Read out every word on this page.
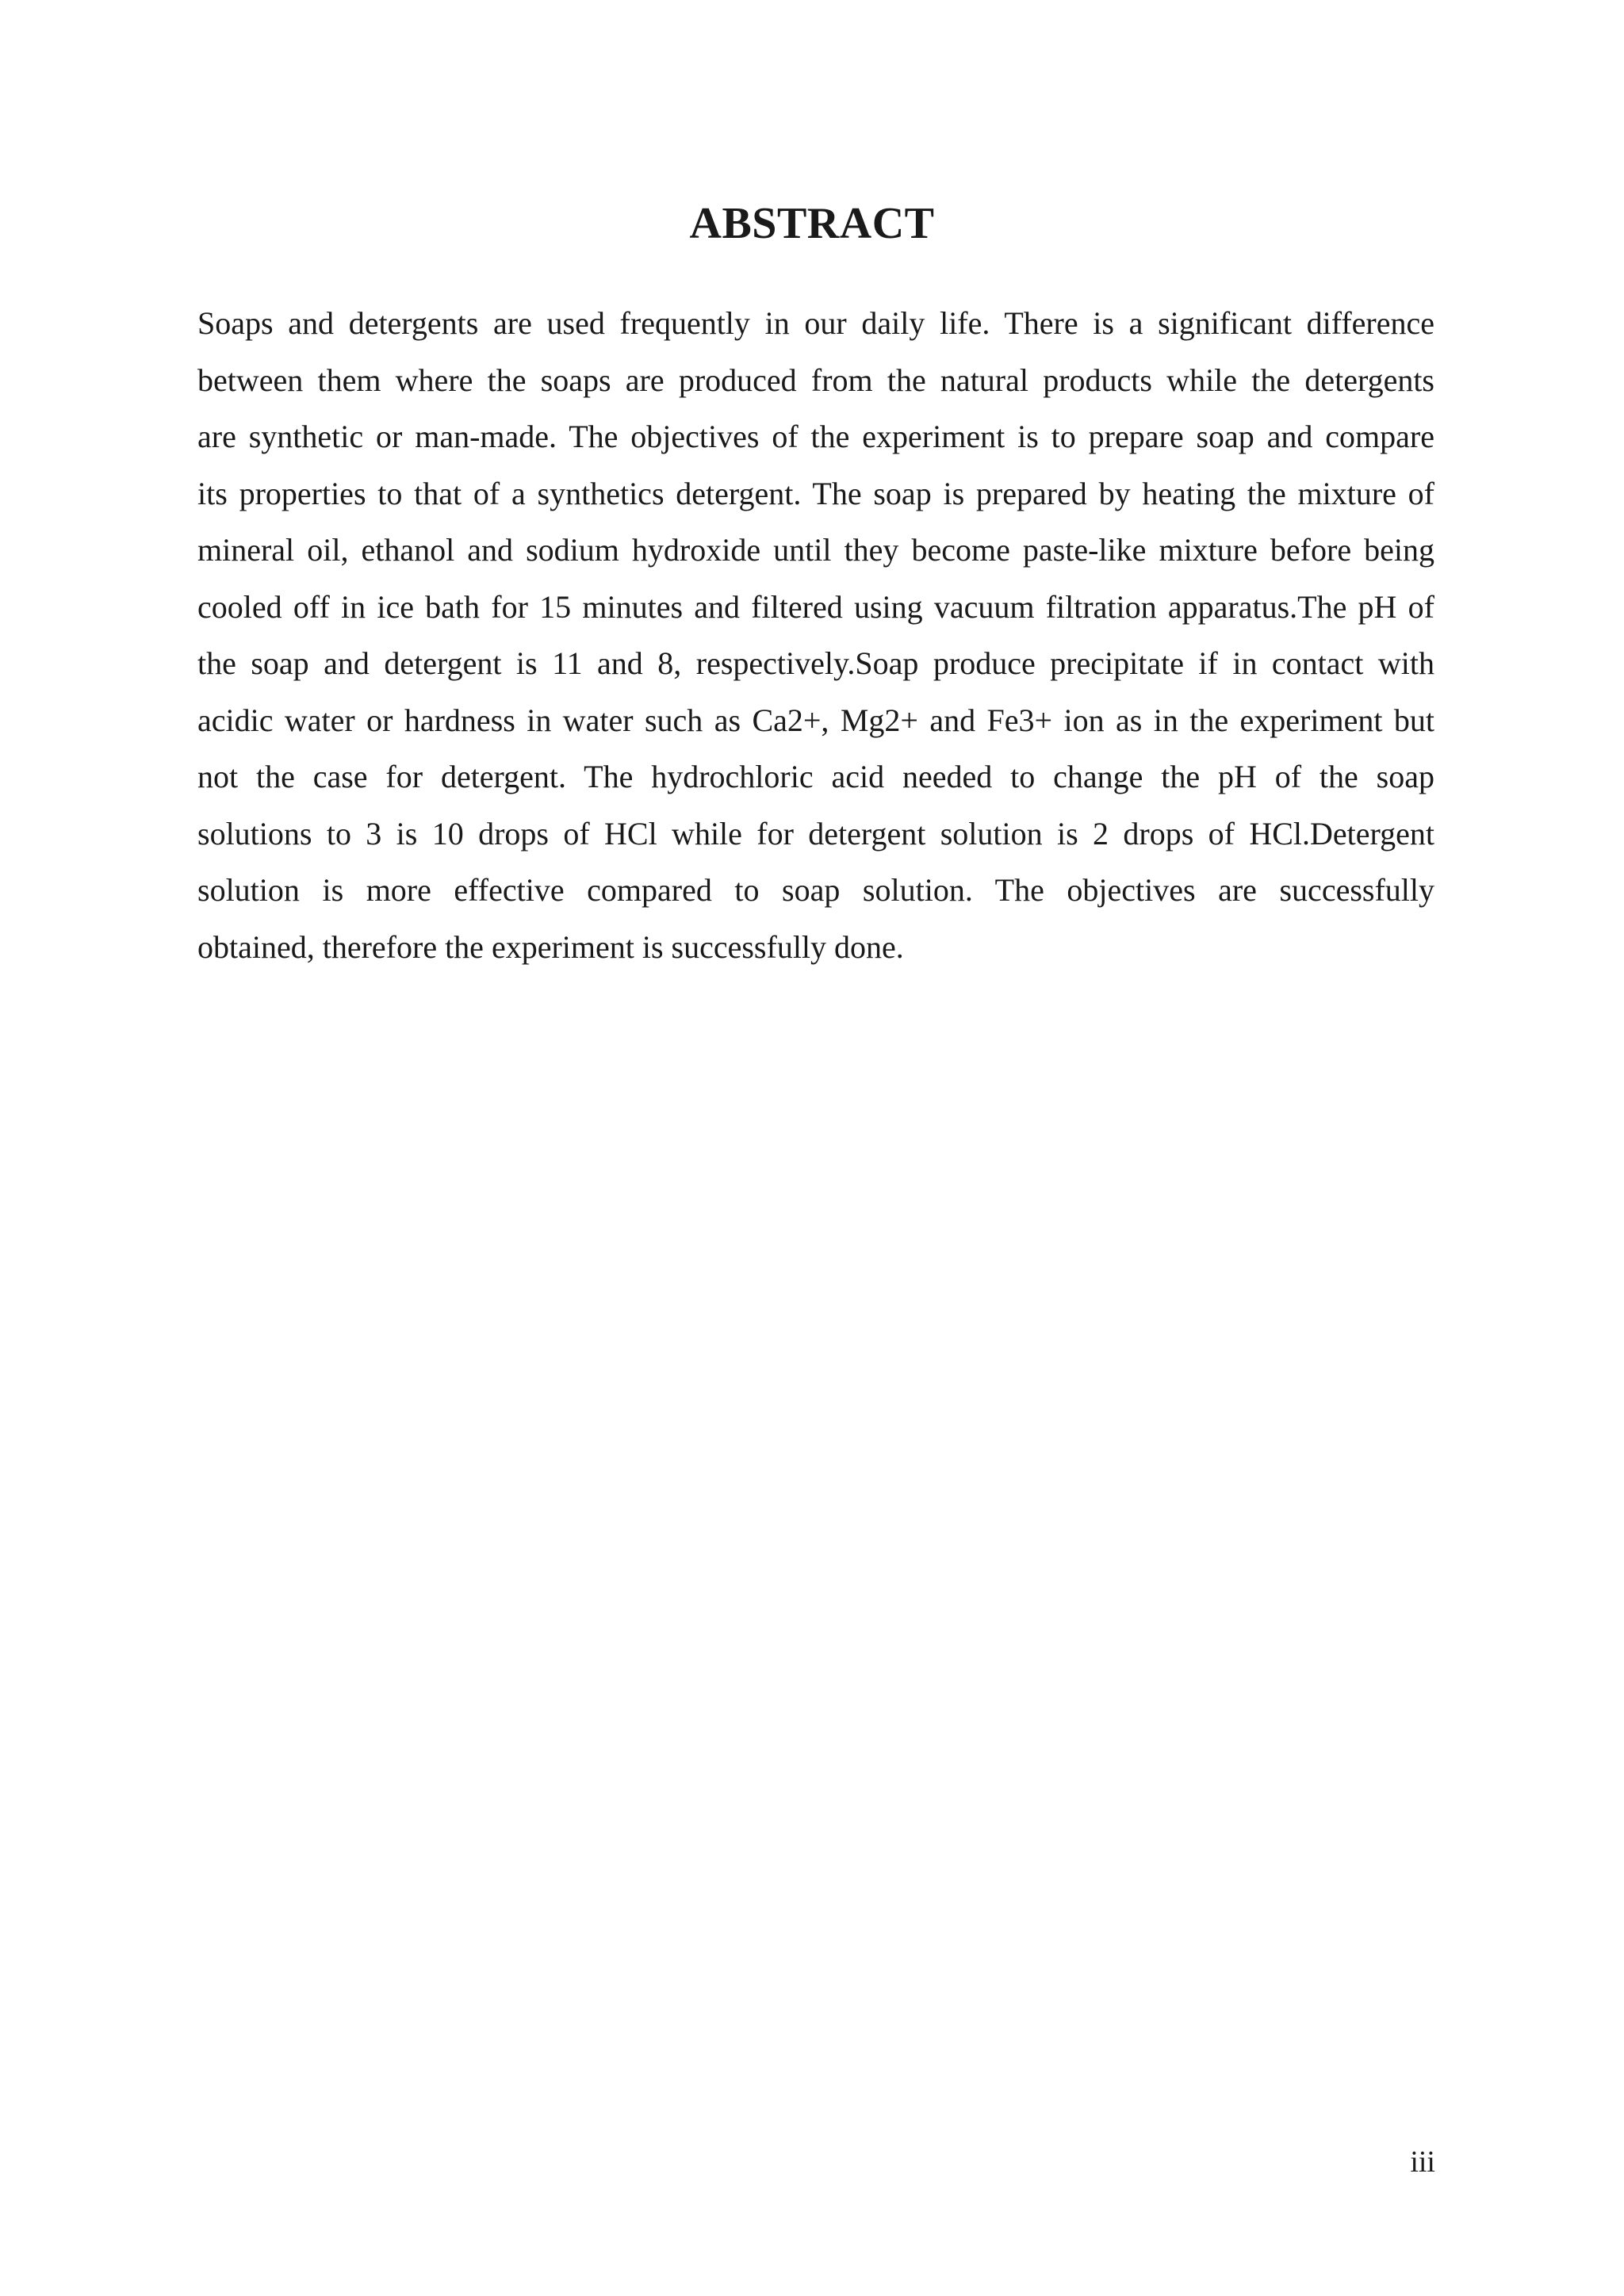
ABSTRACT
Soaps and detergents are used frequently in our daily life. There is a significant difference
between them where the soaps are produced from the natural products while the detergents
are synthetic or man-made. The objectives of the experiment is to prepare soap and compare
its properties to that of a synthetics detergent. The soap is prepared by heating the mixture of
mineral oil, ethanol and sodium hydroxide until they become paste-like mixture before being
cooled off in ice bath for 15 minutes and filtered using vacuum filtration apparatus.The pH of
the soap and detergent is 11 and 8, respectively.Soap produce precipitate if in contact with
acidic water or hardness in water such as Ca2+, Mg2+ and Fe3+ ion as in the experiment but
not the case for detergent. The hydrochloric acid needed to change the pH of the soap
solutions to 3 is 10 drops of HCl while for detergent solution is 2 drops of HCl.Detergent
solution is more effective compared to soap solution. The objectives are successfully
obtained, therefore the experiment is successfully done.
iii
